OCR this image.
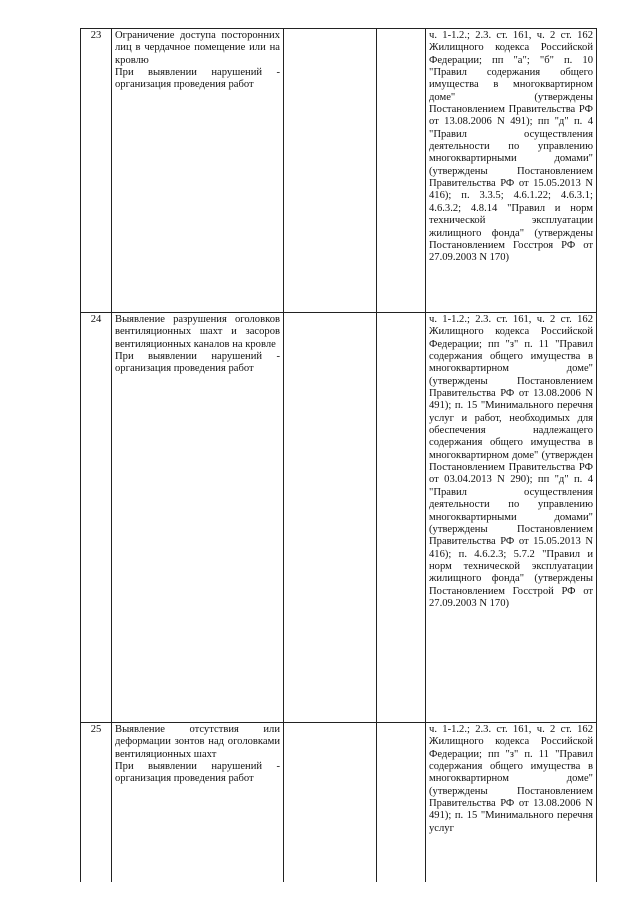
23	Ограничение доступа посторонних лиц в чердачное помещение или на кровлю
При выявлении нарушений - организация проведения работ			ч. 1-1.2.; 2.3. ст. 161, ч. 2 ст. 162 Жилищного кодекса Российской Федерации; пп "а"; "б" п. 10 "Правил содержания общего имущества в многоквартирном доме" (утверждены Постановлением Правительства РФ от 13.08.2006 N 491); пп "д" п. 4 "Правил осуществления деятельности по управлению многоквартирными домами" (утверждены Постановлением Правительства РФ от 15.05.2013 N 416); п. 3.3.5; 4.6.1.22; 4.6.3.1; 4.6.3.2; 4.8.14 "Правил и норм технической эксплуатации жилищного фонда" (утверждены Постановлением Госстроя РФ от 27.09.2003 N 170)
24	Выявление разрушения оголовков вентиляционных шахт и засоров вентиляционных каналов на кровле
При выявлении нарушений - организация проведения работ			ч. 1-1.2.; 2.3. ст. 161, ч. 2 ст. 162 Жилищного кодекса Российской Федерации; пп "з" п. 11 "Правил содержания общего имущества в многоквартирном доме" (утверждены Постановлением Правительства РФ от 13.08.2006 N 491); п. 15 "Минимального перечня услуг и работ, необходимых для обеспечения надлежащего содержания общего имущества в многоквартирном доме" (утвержден Постановлением Правительства РФ от 03.04.2013 N 290); пп "д" п. 4 "Правил осуществления деятельности по управлению многоквартирными домами" (утверждены Постановлением Правительства РФ от 15.05.2013 N 416); п. 4.6.2.3; 5.7.2 "Правил и норм технической эксплуатации жилищного фонда" (утверждены Постановлением Госстрой РФ от 27.09.2003 N 170)
25	Выявление отсутствия или деформации зонтов над оголовками вентиляционных шахт
При выявлении нарушений - организация проведения работ			ч. 1-1.2.; 2.3. ст. 161, ч. 2 ст. 162 Жилищного кодекса Российской Федерации; пп "з" п. 11 "Правил содержания общего имущества в многоквартирном доме" (утверждены Постановлением Правительства РФ от 13.08.2006 N 491); п. 15 "Минимального перечня услуг
